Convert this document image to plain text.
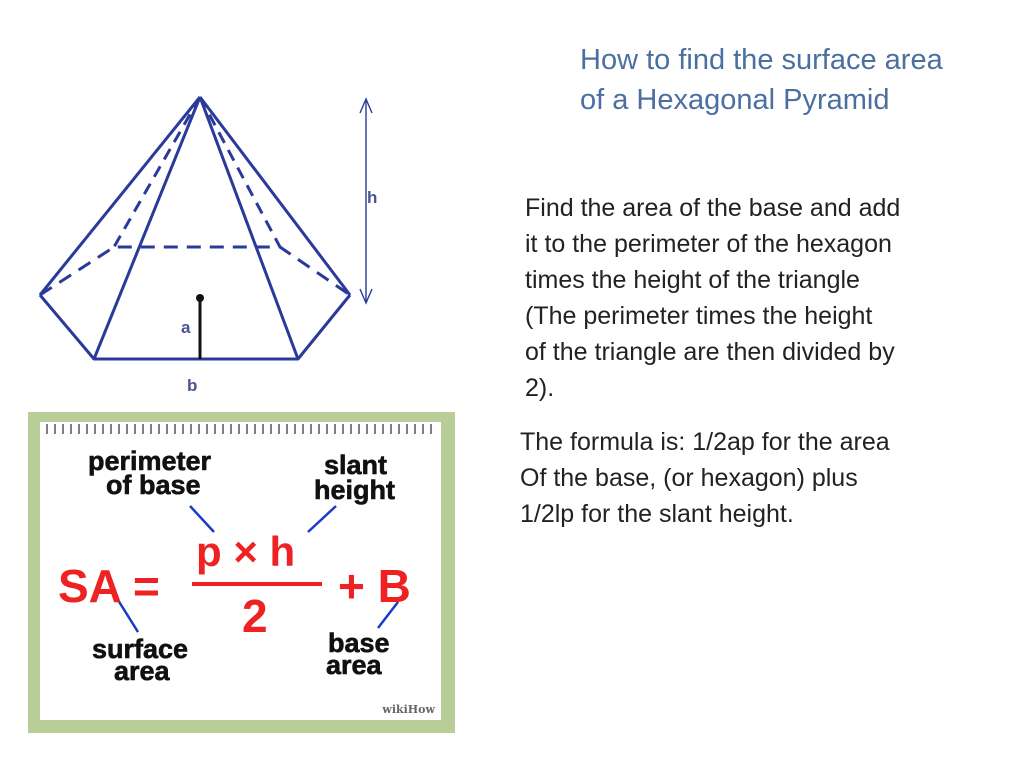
How to find the surface area
of a Hexagonal Pyramid
Find the area of the base and add
it to the perimeter of the hexagon
times the height of the triangle
(The perimeter times the height
of the triangle are then divided by
2).
The formula is: 1/2ap for the area
Of the base, (or hexagon) plus
1/2lp for the slant height.
h
a
b
perimeter
of base
slant
height
surface
area
base
area
SA =
p × h
2
+ B
wikiHow
